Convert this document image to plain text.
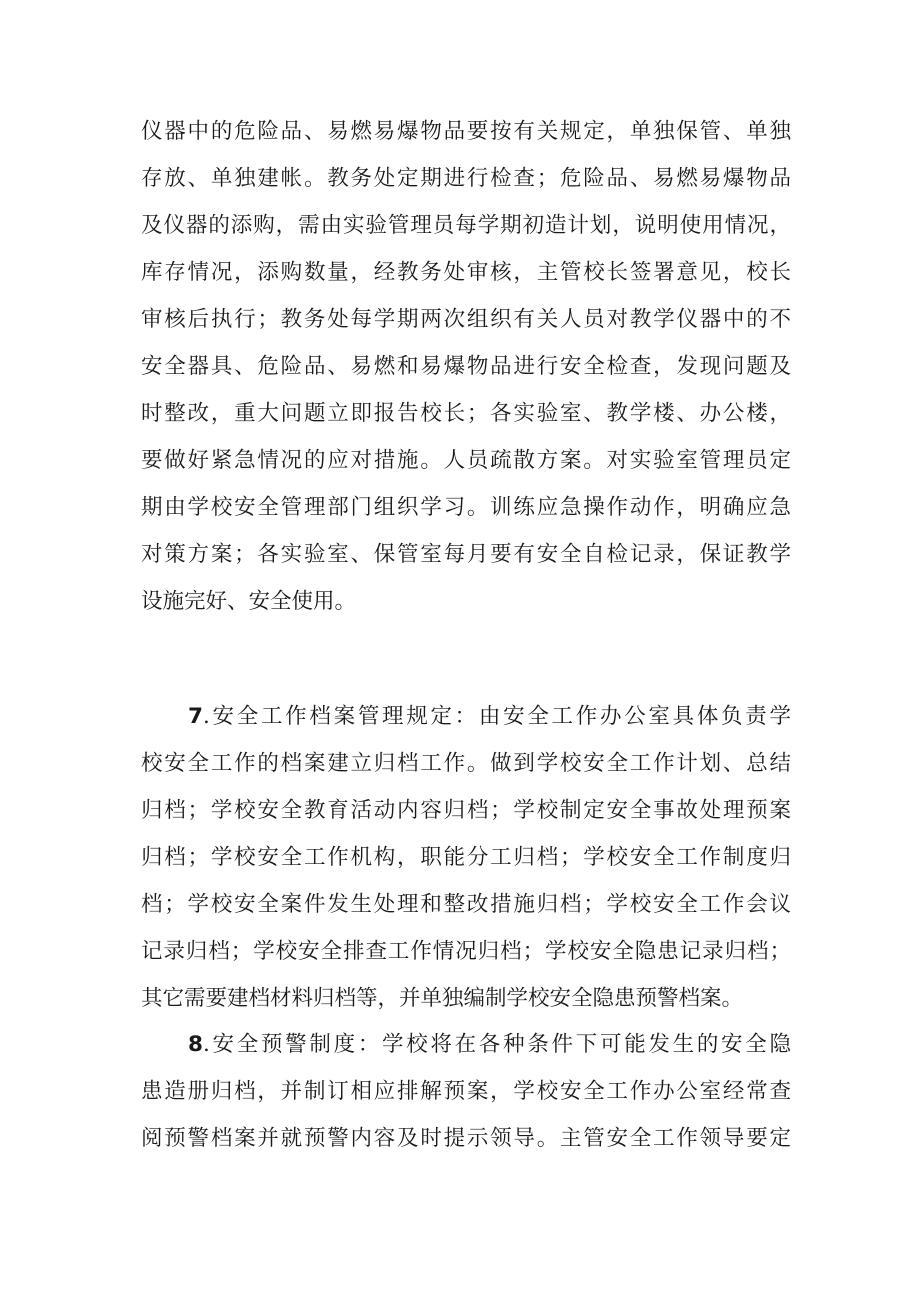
仪器中的危险品、易燃易爆物品要按有关规定，单独保管、单独
存放、单独建帐。教务处定期进行检查；危险品、易燃易爆物品
及仪器的添购，需由实验管理员每学期初造计划，说明使用情况，
库存情况，添购数量，经教务处审核，主管校长签署意见，校长
审核后执行；教务处每学期两次组织有关人员对教学仪器中的不
安全器具、危险品、易燃和易爆物品进行安全检查，发现问题及
时整改，重大问题立即报告校长；各实验室、教学楼、办公楼，
要做好紧急情况的应对措施。人员疏散方案。对实验室管理员定
期由学校安全管理部门组织学习。训练应急操作动作，明确应急
对策方案；各实验室、保管室每月要有安全自检记录，保证教学
设施完好、安全使用。
7.安全工作档案管理规定：由安全工作办公室具体负责学
校安全工作的档案建立归档工作。做到学校安全工作计划、总结
归档；学校安全教育活动内容归档；学校制定安全事故处理预案
归档；学校安全工作机构，职能分工归档；学校安全工作制度归
档；学校安全案件发生处理和整改措施归档；学校安全工作会议
记录归档；学校安全排查工作情况归档；学校安全隐患记录归档；
其它需要建档材料归档等，并单独编制学校安全隐患预警档案。
8.安全预警制度：学校将在各种条件下可能发生的安全隐
患造册归档，并制订相应排解预案，学校安全工作办公室经常查
阅预警档案并就预警内容及时提示领导。主管安全工作领导要定
